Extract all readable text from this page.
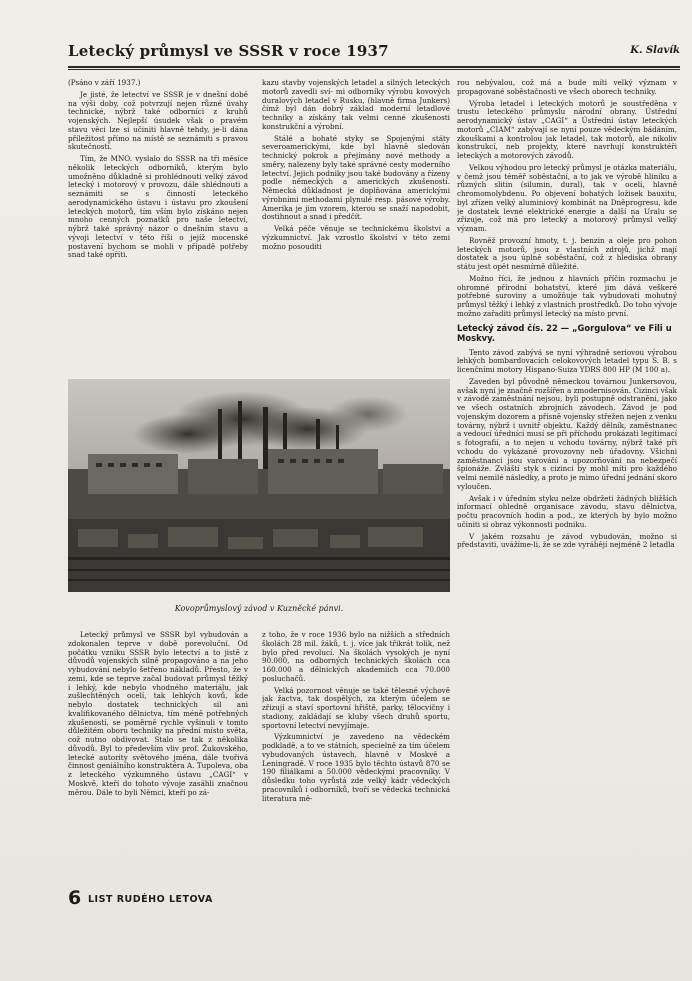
Letecký průmysl ve SSSR v roce 1937	K. Slavík

(Psáno v září 1937.)

Je jisté, že letectví ve SSSR je v dnešní době na výši doby, což potvrzují nejen různé úvahy technické, nýbrž také odborníci z kruhů vojenských. Nejlepší úsudek však o pravém stavu věci lze si učiniti hlavně tehdy, je-li dána příležitost přímo na místě se seznámiti s pravou skutečností.

Tím, že MNO. vyslalo do SSSR na tři měsíce několik leteckých odborníků, kterým bylo umožněno důkladně si prohlédnouti velký závod letecký i motorový v provozu, dále shlédnouti a seznámiti se s činností leteckého aerodynamického ústavu i ústavu pro zkoušení leteckých motorů, tím vším bylo získáno nejen mnoho cenných poznatků pro naše letectví, nýbrž také správný názor o dnešním stavu a vývoji letectví v této říši o jejíž mocenské postavení bychom se mohli v případě potřeby snad také opříti.

kazu stavby vojenských letadel a silných leteckých motorů zavedli sví- mi odborníky výrobu kovových duralových letadel v Rusku, (hlavně firma Junkers) čímž byl dán dobrý základ moderní letadlové techniky a získány tak velmi cenné zkušenosti konstrukční a výrobní.

Stálé a bohaté styky se Spojenými státy severoamerickými, kde byl hlavně sledován technický pokrok a přejímány nové methody a směry, nalezeny byly také správné cesty moderního letectví. Jejich podniky jsou také budovány a řízeny podle německých a amerických zkušeností. Německá důkladnost je doplňována americkými výrobními methodami plynulé resp. pásové výroby. Amerika je jim vzorem, kterou se snaží napodobit, dostihnout a snad i předčít.

Velká péče věnuje se technickému školství a výzkumnictví. Jak vzrostlo školství v této zemi možno posouditi

rou nebývalou, což má a bude míti velký význam v propagované soběstačnosti ve všech oborech techniky.

Výroba letadel i leteckých motorů je soustředěna v trustu leteckého průmyslu národní obrany. Ústřední aerodynamický ústav „CAGI“ a Ústřední ústav leteckých motorů „CIAM“ zabývají se nyní pouze vědeckým bádáním, zkouškami a kontrolou jak letadel, tak motorů, ale nikoliv konstrukcí, neb projekty, které navrhují konstruktéři leteckých a motorových závodů.

Velkou výhodou pro letecký průmysl je otázka materiálu, v čemž jsou téměř soběstační, a to jak ve výrobě hliníku a různých slitin (silumin, dural), tak v ocelí, hlavně chromomolybdenu. Po objevení bohatých ložisek bauxitu, byl zřízen velký aluminiový kombinát na Dněprogresu, kde je dostatek levné elektrické energie a další na Uralu se zřizuje, což má pro letecký a motorový průmysl velký význam.

Rovněž provozní hmoty, t. j. benzin a oleje pro pohon leteckých motorů, jsou z vlastních zdrojů, jichž mají dostatek a jsou úplně soběstační, což z hlediska obrany státu jest opět nesmírně důležité.

Možno říci, že jednou z hlavních příčin rozmachu je ohromné přírodní bohatství, které jim dává veškeré potřebné suroviny a umožňuje tak vybudovati mohutný průmysl těžký i lehký z vlastních prostředků. Do toho vývoje možno zařaditi průmysl letecký na místo první.

Letecký závod čís. 22 — „Gorgulova“ ve Fili u Moskvy.

Tento závod zabývá se nyní výhradně seriovou výrobou lehkých bombardovacích celokovových letadel typu S. B. s licenčními motory Hispano-Suiza YDRS 800 HP (M 100 a).

Zaveden byl původně německou továrnou Junkersovou, avšak nyní je značně rozšířen a zmodernisován. Cizinci však v závodě zaměstnání nejsou, byli postupně odstraněni, jako ve všech ostatních zbrojních závodech. Závod je pod vojenským dozorem a přísně vojensky střežen nejen z venku továrny, nýbrž i uvnitř objektu. Každý dělník, zaměstnanec a vedoucí úředníci musí se při příchodu prokázati legitimací s fotografií, a to nejen u vchodu továrny, nýbrž také při vchodu do vykázané provozovny neb úřadovny. Všichni zaměstnanci jsou varováni a upozorňováni na nebezpečí špionáže. Zvláští styk s cizinci by mohl míti pro každého velmi nemilé následky, a proto je mimo úřední jednání skoro vyloučen.

Avšak i v úředním styku nelze obdržeti žádných bližších informací ohledně organisace závodu, stavu dělnictva, počtu pracovních hodin a pod., ze kterých by bylo možno učiniti si obraz výkonnosti podniku.

V jakém rozsahu je závod vybudován, možno si představiti, uvážíme-li, že se zde vyrábějí nejméně 2 letadla

Kovoprůmyslový závod v Kuzněcké pánvi.

Letecký průmysl ve SSSR byl vybudován a zdokonalen teprve v době porevoluční. Od počátku vzniku SSSR bylo letectví a to jistě z důvodů vojenských silně propagováno a na jeho vybudování nebylo šetřeno nákladů. Přesto, že v zemi, kde se teprve začal budovat průmysl těžký i lehký, kde nebylo vhodného materiálu, jak zušlechtěných ocelí, tak lehkých kovů, kde nebylo dostatek technických sil ani kvalifikovaného dělnictva, tím méně potřebných zkušeností, se poměrně rychle vyšinuli v tomto důležitém oboru techniky na přední místo světa, což nutno obdivovat. Stalo se tak z několika důvodů. Byl to především vliv prof. Žukovského, letecké autority světového jména, dále tvořivá činnost geniálního konstruktéra A. Tupoleva, oba z leteckého výzkumného ústavu „CAGI“ v Moskvě, kteří do tohoto vývoje zasáhli značnou měrou. Dále to byli Němci, kteří po zá-

z toho, že v roce 1936 bylo na nižších a středních školách 28 mil. žáků, t. j. více jak třikrát tolik, než bylo před revolucí. Na školách vysokých je nyní 90.000, na odborných technických školách cca 160.000 a dělnických akademiích cca 70.000 posluchačů.

Velká pozornost věnuje se také tělesné výchově jak žactva, tak dospělých, za kterým účelem se zřizují a staví sportovní hřiště, parky, tělocvičny i stadiony, zakládají se kluby všech druhů sportu, sportovní letectví nevyjímaje.

Výzkumnictví je zavedeno na vědeckém podkladě, a to ve státních, specielně za tím účelem vybudovaných ústavech, hlavně v Moskvě a Leningradě. V roce 1935 bylo těchto ústavů 870 se 190 filiálkami a 50.000 vědeckými pracovníky. V důsledku toho vyrůstá zde velký kádr vědeckých pracovníků i odborníků, tvoří se vědecká technická literatura mě-

6 LIST RUDÉHO LETOVA
